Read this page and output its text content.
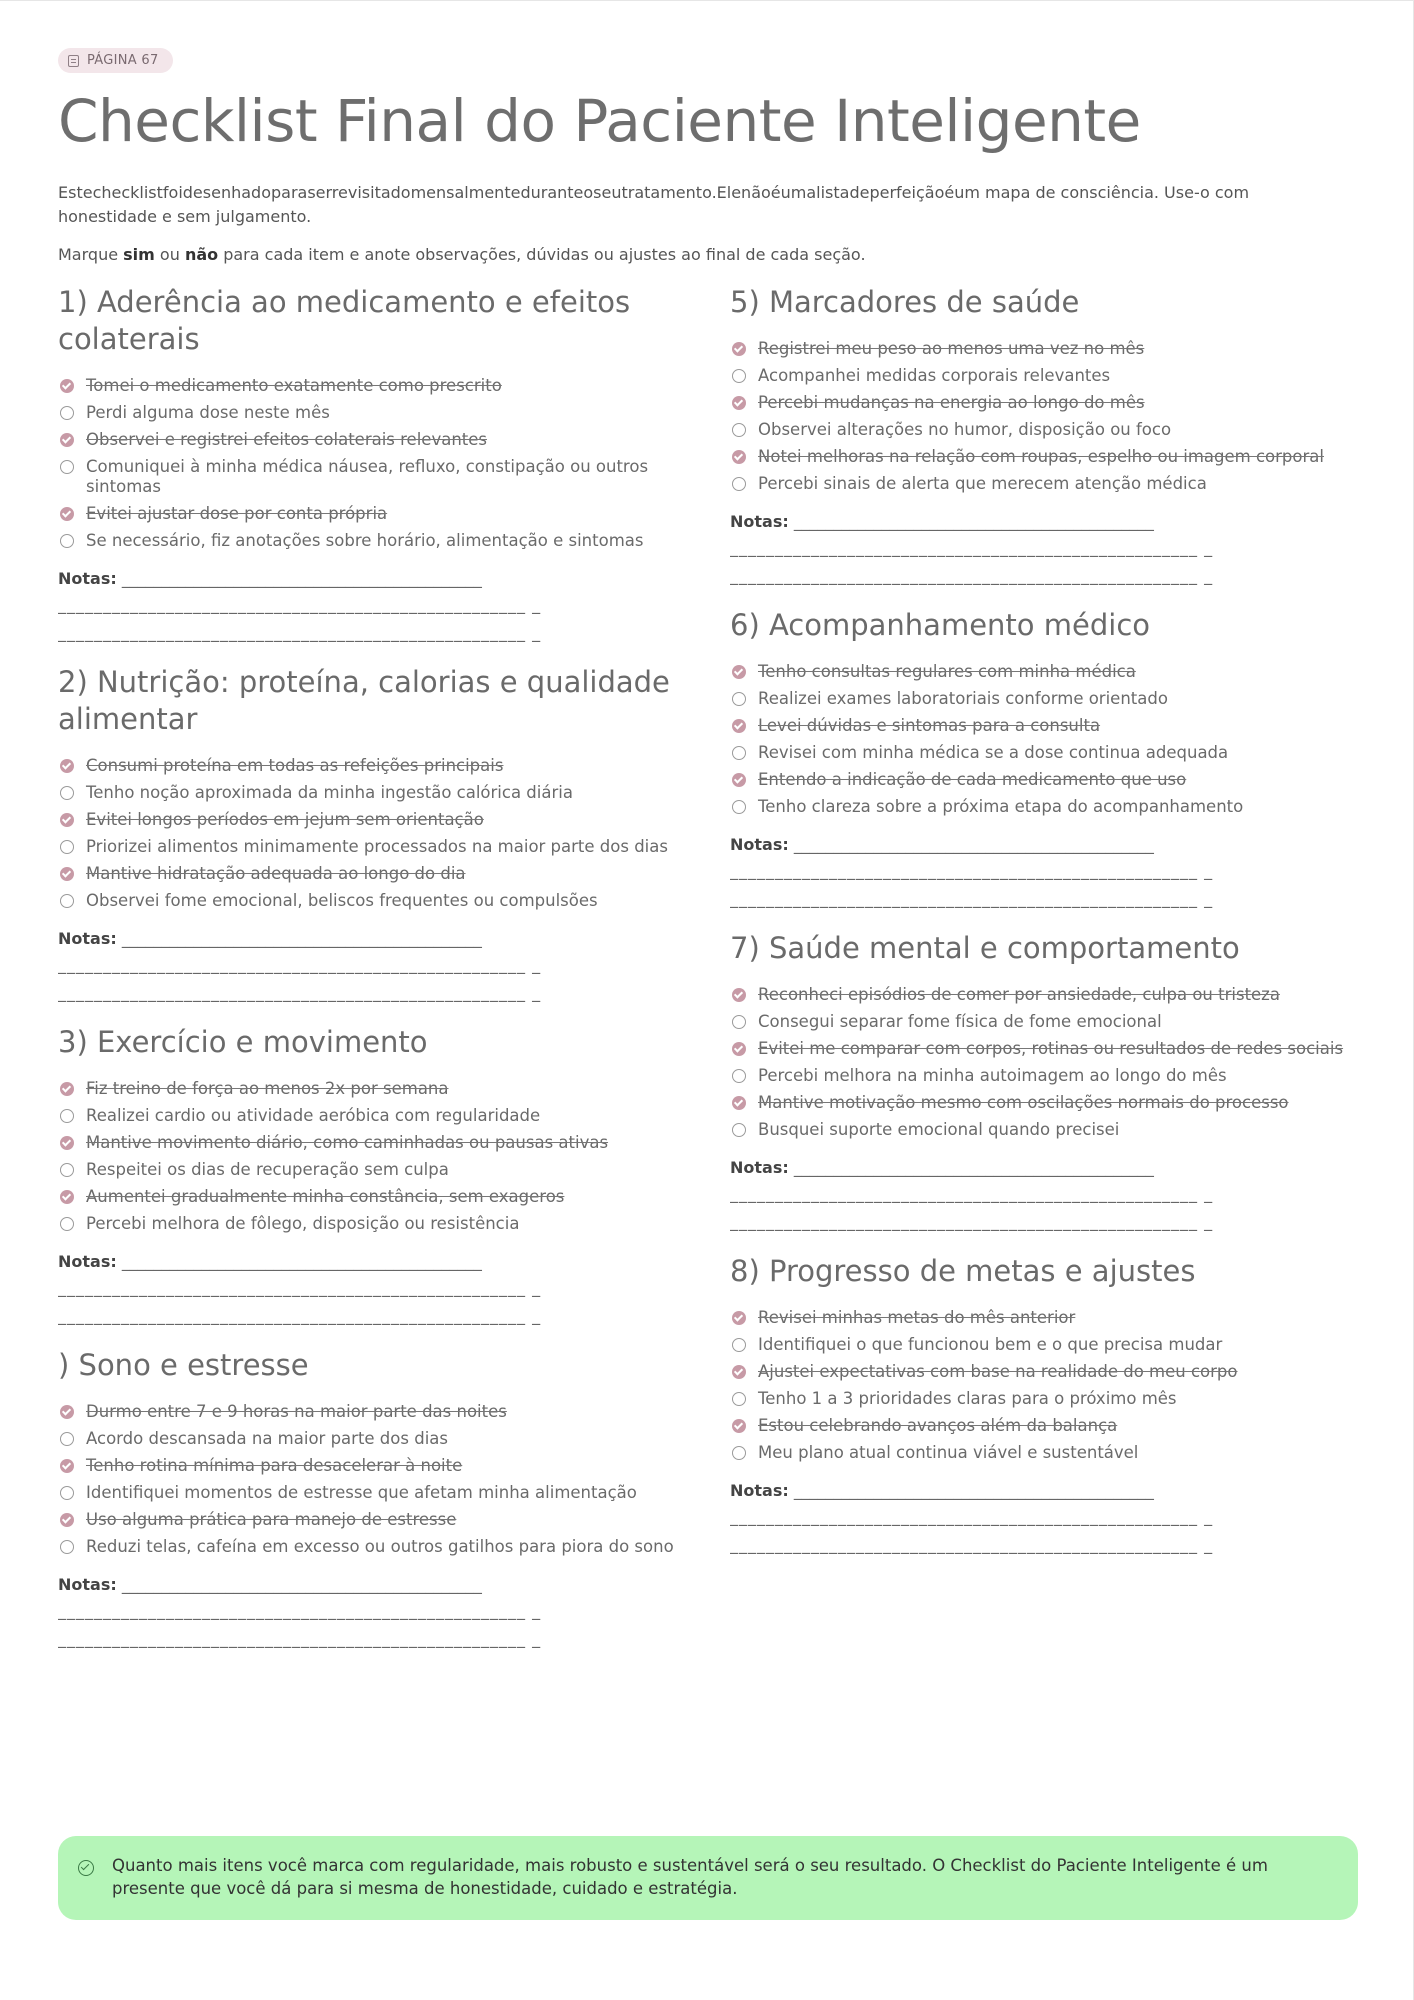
PÁGINA 67
Checklist Final do Paciente Inteligente

Estechecklistfoidesenhadoparaserrevisitadomensalmenteduranteoseutratamento.Elenãoéumalistadeperfeiçãoéum mapa de consciência. Use-o com honestidade e sem julgamento.

Marque sim ou não para cada item e anote observações, dúvidas ou ajustes ao final de cada seção.

1) Aderência ao medicamento e efeitos colaterais
Tomei o medicamento exatamente como prescrito
Perdi alguma dose neste mês
Observei e registrei efeitos colaterais relevantes
Comuniquei à minha médica náusea, refluxo, constipação ou outros sintomas
Evitei ajustar dose por conta própria
Se necessário, fiz anotações sobre horário, alimentação e sintomas
Notas: _____________________________________________
____________________________________________________ _
____________________________________________________ _
2) Nutrição: proteína, calorias e qualidade alimentar
Consumi proteína em todas as refeições principais
Tenho noção aproximada da minha ingestão calórica diária
Evitei longos períodos em jejum sem orientação
Priorizei alimentos minimamente processados na maior parte dos dias
Mantive hidratação adequada ao longo do dia
Observei fome emocional, beliscos frequentes ou compulsões
Notas: _____________________________________________
____________________________________________________ _
____________________________________________________ _
3) Exercício e movimento
Fiz treino de força ao menos 2x por semana
Realizei cardio ou atividade aeróbica com regularidade
Mantive movimento diário, como caminhadas ou pausas ativas
Respeitei os dias de recuperação sem culpa
Aumentei gradualmente minha constância, sem exageros
Percebi melhora de fôlego, disposição ou resistência
Notas: _____________________________________________
____________________________________________________ _
____________________________________________________ _
) Sono e estresse
Durmo entre 7 e 9 horas na maior parte das noites
Acordo descansada na maior parte dos dias
Tenho rotina mínima para desacelerar à noite
Identifiquei momentos de estresse que afetam minha alimentação
Uso alguma prática para manejo de estresse
Reduzi telas, cafeína em excesso ou outros gatilhos para piora do sono
Notas: _____________________________________________
____________________________________________________ _
____________________________________________________ _
5) Marcadores de saúde
Registrei meu peso ao menos uma vez no mês
Acompanhei medidas corporais relevantes
Percebi mudanças na energia ao longo do mês
Observei alterações no humor, disposição ou foco
Notei melhoras na relação com roupas, espelho ou imagem corporal
Percebi sinais de alerta que merecem atenção médica
Notas: _____________________________________________
____________________________________________________ _
____________________________________________________ _
6) Acompanhamento médico
Tenho consultas regulares com minha médica
Realizei exames laboratoriais conforme orientado
Levei dúvidas e sintomas para a consulta
Revisei com minha médica se a dose continua adequada
Entendo a indicação de cada medicamento que uso
Tenho clareza sobre a próxima etapa do acompanhamento
Notas: _____________________________________________
____________________________________________________ _
____________________________________________________ _
7) Saúde mental e comportamento
Reconheci episódios de comer por ansiedade, culpa ou tristeza
Consegui separar fome física de fome emocional
Evitei me comparar com corpos, rotinas ou resultados de redes sociais
Percebi melhora na minha autoimagem ao longo do mês
Mantive motivação mesmo com oscilações normais do processo
Busquei suporte emocional quando precisei
Notas: _____________________________________________
____________________________________________________ _
____________________________________________________ _
8) Progresso de metas e ajustes
Revisei minhas metas do mês anterior
Identifiquei o que funcionou bem e o que precisa mudar
Ajustei expectativas com base na realidade do meu corpo
Tenho 1 a 3 prioridades claras para o próximo mês
Estou celebrando avanços além da balança
Meu plano atual continua viável e sustentável
Notas: _____________________________________________
____________________________________________________ _
____________________________________________________ _
Quanto mais itens você marca com regularidade, mais robusto e sustentável será o seu resultado. O Checklist do Paciente Inteligente é um presente que você dá para si mesma de honestidade, cuidado e estratégia.
